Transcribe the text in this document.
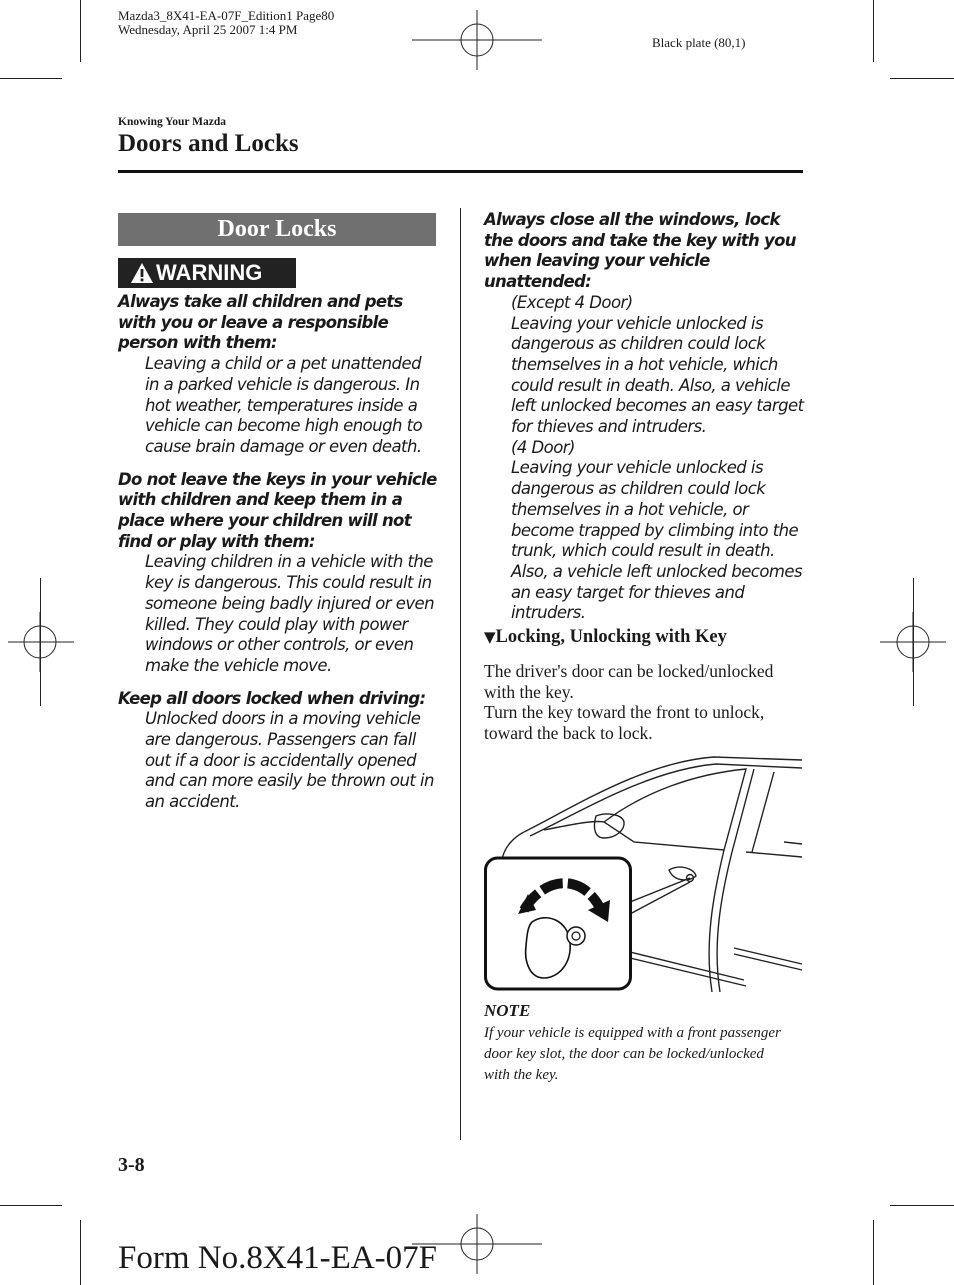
Mazda3_8X41-EA-07F_Edition1 Page80
Wednesday, April 25 2007 1:4 PM
Black plate (80,1)
Knowing Your Mazda
Doors and Locks
Door Locks
WARNING

Always take all children and pets with you or leave a responsible person with them:

Leaving a child or a pet unattended in a parked vehicle is dangerous. In hot weather, temperatures inside a vehicle can become high enough to cause brain damage or even death.

Do not leave the keys in your vehicle with children and keep them in a place where your children will not find or play with them:

Leaving children in a vehicle with the key is dangerous. This could result in someone being badly injured or even killed. They could play with power windows or other controls, or even make the vehicle move.

Keep all doors locked when driving:

Unlocked doors in a moving vehicle are dangerous. Passengers can fall out if a door is accidentally opened and can more easily be thrown out in an accident.

Always close all the windows, lock the doors and take the key with you when leaving your vehicle unattended:

(Except 4 Door)

Leaving your vehicle unlocked is dangerous as children could lock themselves in a hot vehicle, which could result in death. Also, a vehicle left unlocked becomes an easy target for thieves and intruders.

(4 Door)

Leaving your vehicle unlocked is dangerous as children could lock themselves in a hot vehicle, or become trapped by climbing into the trunk, which could result in death. Also, a vehicle left unlocked becomes an easy target for thieves and intruders.

▼Locking, Unlocking with Key

The driver's door can be locked/unlocked with the key.

Turn the key toward the front to unlock, toward the back to lock.

NOTE

If your vehicle is equipped with a front passenger door key slot, the door can be locked/unlocked with the key.

3-8
Form No.8X41-EA-07F
